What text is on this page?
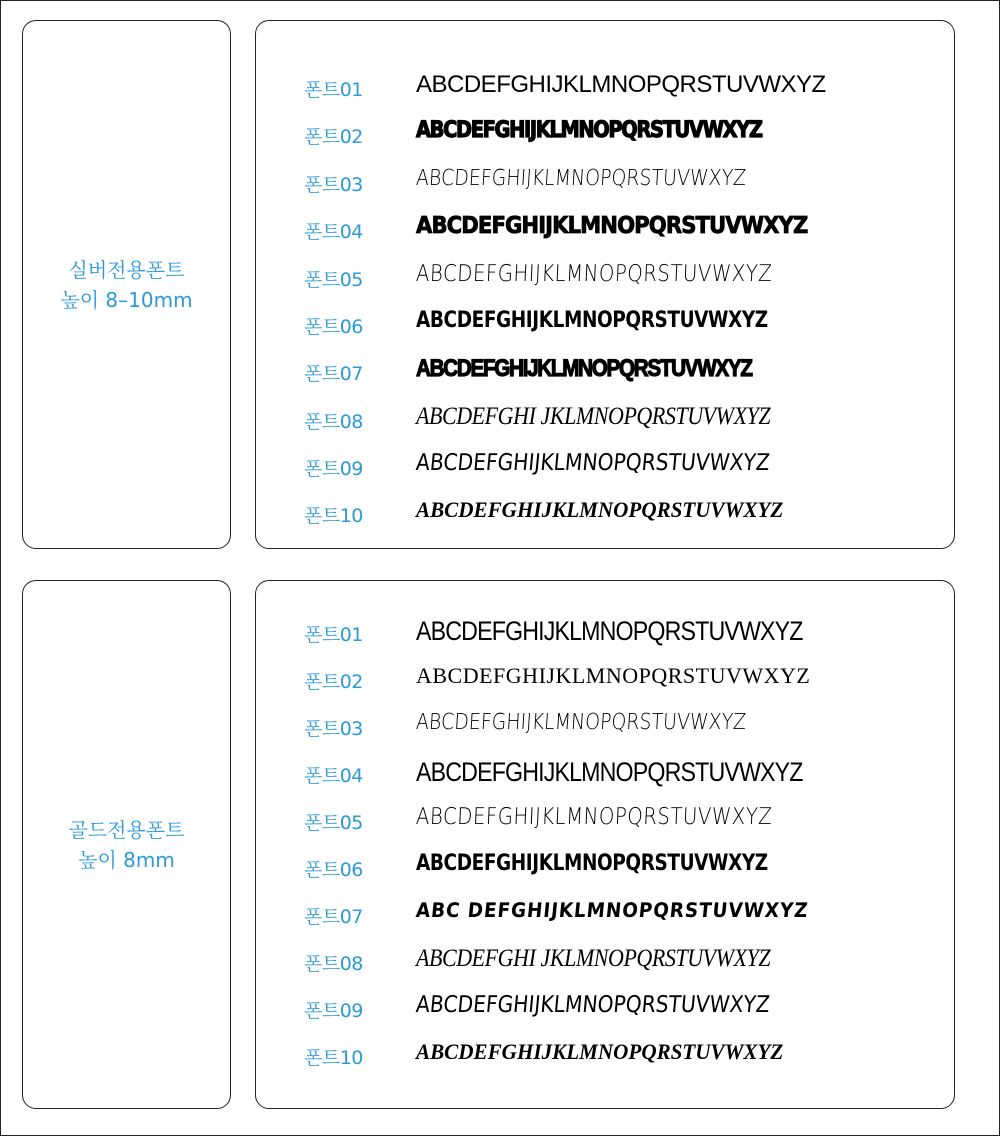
실버전용폰트
높이 8–10mm
폰트01 ABCDEFGHIJKLMNOPQRSTUVWXYZ
폰트02 ABCDEFGHIJKLMNOPQRSTUVWXYZ
폰트03 ABCDEFGHIJKLMNOPQRSTUVWXYZ
폰트04 ABCDEFGHIJKLMNOPQRSTUVWXYZ
폰트05 ABCDEFGHIJKLMNOPQRSTUVWXYZ
폰트06 ABCDEFGHIJKLMNOPQRSTUVWXYZ
폰트07 ABCDEFGHIJKLMNOPQRSTUVWXYZ
폰트08 ABCDEFGHI JKLMNOPQRSTUVWXYZ
폰트09 ABCDEFGHIJKLMNOPQRSTUVWXYZ
폰트10 ABCDEFGHIJKLMNOPQRSTUVWXYZ
골드전용폰트
높이 8mm
폰트01 ABCDEFGHIJKLMNOPQRSTUVWXYZ
폰트02 ABCDEFGHIJKLMNOPQRSTUVWXYZ
폰트03 ABCDEFGHIJKLMNOPQRSTUVWXYZ
폰트04 ABCDEFGHIJKLMNOPQRSTUVWXYZ
폰트05 ABCDEFGHIJKLMNOPQRSTUVWXYZ
폰트06 ABCDEFGHIJKLMNOPQRSTUVWXYZ
폰트07	ABC DEFGHIJKLMNOPQRSTUVWXYZ
폰트08 ABCDEFGHI JKLMNOPQRSTUVWXYZ
폰트09 ABCDEFGHIJKLMNOPQRSTUVWXYZ
폰트10 ABCDEFGHIJKLMNOPQRSTUVWXYZ
